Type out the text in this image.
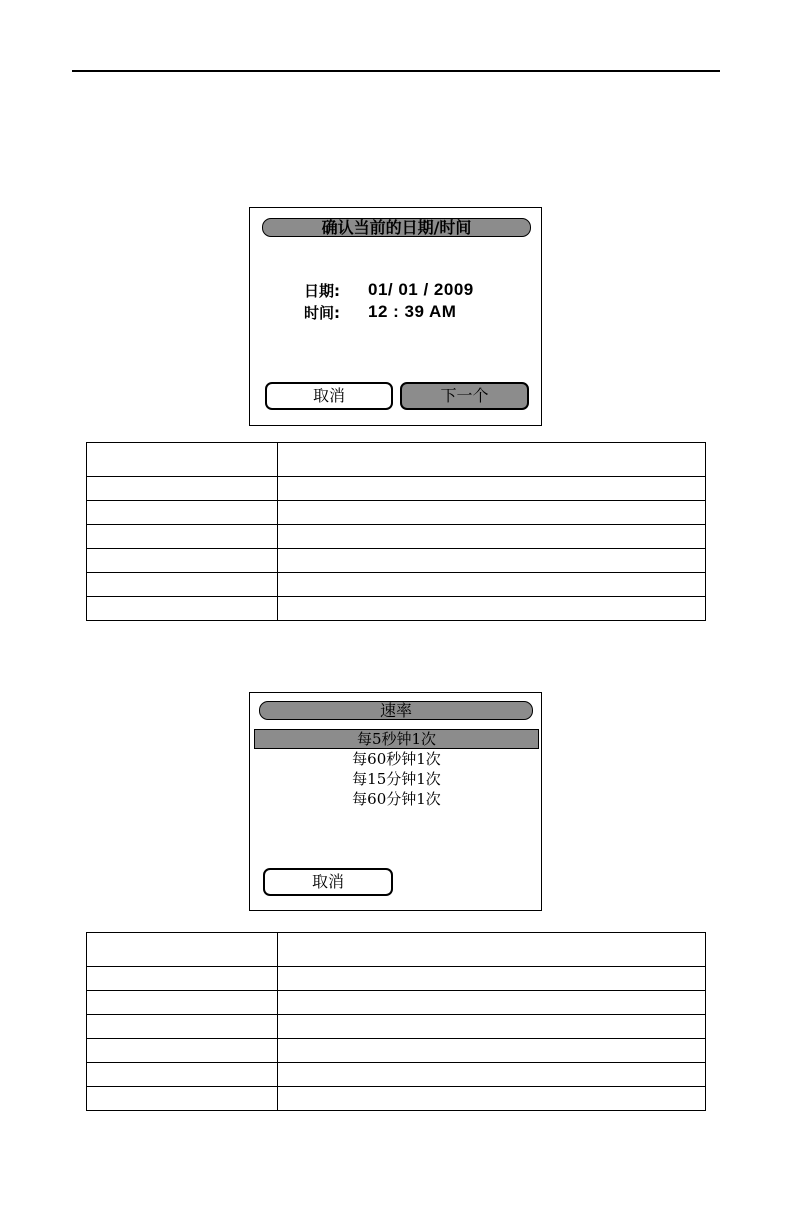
确认当前的日期/时间
日期:	01/ 01 / 2009
时间:	12 : 39 AM
取消	下一个

速率
每5秒钟1次
每60秒钟1次
每15分钟1次
每60分钟1次
取消
